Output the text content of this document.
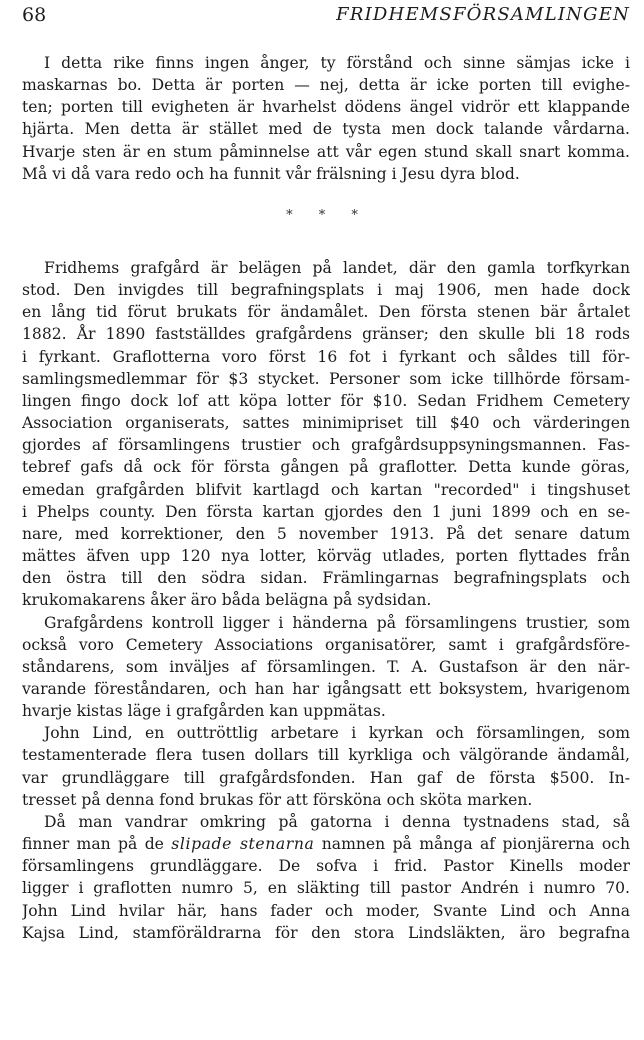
68	FRIDHEMSFÖRSAMLINGEN
I detta rike finns ingen ånger, ty förstånd och sinne sämjas icke i
maskarnas bo. Detta är porten — nej, detta är icke porten till evighe-
ten; porten till evigheten är hvarhelst dödens ängel vidrör ett klappande
hjärta. Men detta är stället med de tysta men dock talande vårdarna.
Hvarje sten är en stum påminnelse att vår egen stund skall snart komma.
Må vi då vara redo och ha funnit vår frälsning i Jesu dyra blod.
* * *
Fridhems grafgård är belägen på landet, där den gamla torfkyrkan
stod. Den invigdes till begrafningsplats i maj 1906, men hade dock
en lång tid förut brukats för ändamålet. Den första stenen bär årtalet
1882. År 1890 fastställdes grafgårdens gränser; den skulle bli 18 rods
i fyrkant. Graflotterna voro först 16 fot i fyrkant och såldes till för-
samlingsmedlemmar för $3 stycket. Personer som icke tillhörde försam-
lingen fingo dock lof att köpa lotter för $10. Sedan Fridhem Cemetery
Association organiserats, sattes minimipriset till $40 och värderingen
gjordes af församlingens trustier och grafgårdsuppsyningsmannen. Fas-
tebref gafs då ock för första gången på graflotter. Detta kunde göras,
emedan grafgården blifvit kartlagd och kartan "recorded" i tingshuset
i Phelps county. Den första kartan gjordes den 1 juni 1899 och en se-
nare, med korrektioner, den 5 november 1913. På det senare datum
mättes äfven upp 120 nya lotter, körväg utlades, porten flyttades från
den östra till den södra sidan. Främlingarnas begrafningsplats och
krukomakarens åker äro båda belägna på sydsidan.
Grafgårdens kontroll ligger i händerna på församlingens trustier, som
också voro Cemetery Associations organisatörer, samt i grafgårdsföre-
ståndarens, som inväljes af församlingen. T. A. Gustafson är den när-
varande föreståndaren, och han har igångsatt ett boksystem, hvarigenom
hvarje kistas läge i grafgården kan uppmätas.
John Lind, en outtröttlig arbetare i kyrkan och församlingen, som
testamenterade flera tusen dollars till kyrkliga och välgörande ändamål,
var grundläggare till grafgårdsfonden. Han gaf de första $500. In-
tresset på denna fond brukas för att försköna och sköta marken.
Då man vandrar omkring på gatorna i denna tystnadens stad, så
finner man på de slipade stenarna namnen på många af pionjärerna och
församlingens grundläggare. De sofva i frid. Pastor Kinells moder
ligger i graflotten numro 5, en släkting till pastor Andrén i numro 70.
John Lind hvilar här, hans fader och moder, Svante Lind och Anna
Kajsa Lind, stamföräldrarna för den stora Lindsläkten, äro begrafna
